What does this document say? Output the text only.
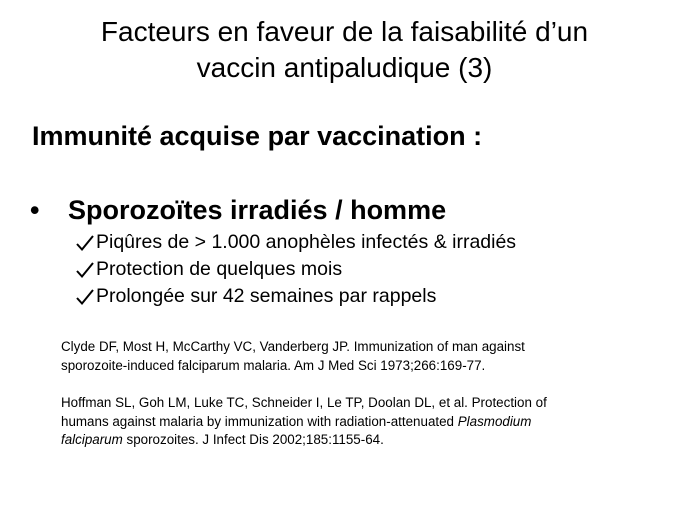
Facteurs en faveur de la faisabilité d’un
vaccin antipaludique (3)
Immunité acquise par vaccination :
• Sporozoïtes irradiés / homme
Piqûres de > 1.000 anophèles infectés & irradiés
Protection de quelques mois
Prolongée sur 42 semaines par rappels

Clyde DF, Most H, McCarthy VC, Vanderberg JP. Immunization of man against
sporozoite-induced falciparum malaria. Am J Med Sci 1973;266:169-77.

Hoffman SL, Goh LM, Luke TC, Schneider I, Le TP, Doolan DL, et al. Protection of
humans against malaria by immunization with radiation-attenuated Plasmodium
falciparum sporozoites. J Infect Dis 2002;185:1155-64.
